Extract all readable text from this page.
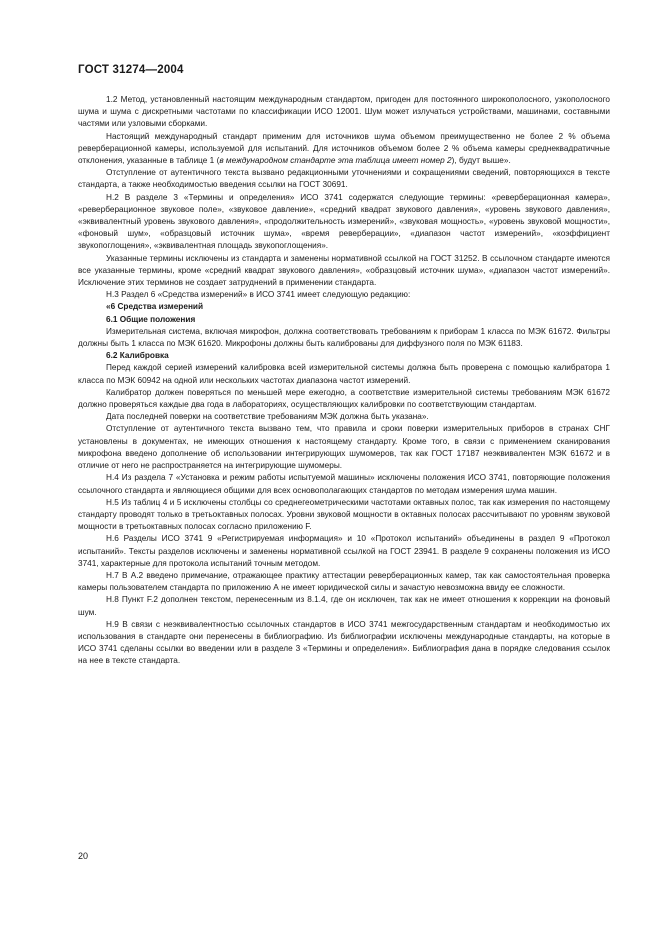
ГОСТ 31274—2004

1.2 Метод, установленный настоящим международным стандартом, пригоден для постоянного широкополосного, узкополосного шума и шума с дискретными частотами по классификации ИСО 12001. Шум может излучаться устройствами, машинами, составными частями или узловыми сборками.

Настоящий международный стандарт применим для источников шума объемом преимущественно не более 2 % объема реверберационной камеры, используемой для испытаний. Для источников объемом более 2 % объема камеры среднеквадратичные отклонения, указанные в таблице 1 (в международном стандарте эта таблица имеет номер 2), будут выше».

Отступление от аутентичного текста вызвано редакционными уточнениями и сокращениями сведений, повторяющихся в тексте стандарта, а также необходимостью введения ссылки на ГОСТ 30691.

Н.2 В разделе 3 «Термины и определения» ИСО 3741 содержатся следующие термины: «реверберационная камера», «реверберационное звуковое поле», «звуковое давление», «средний квадрат звукового давления», «уровень звукового давления», «эквивалентный уровень звукового давления», «продолжительность измерений», «звуковая мощность», «уровень звуковой мощности», «фоновый шум», «образцовый источник шума», «время реверберации», «диапазон частот измерений», «коэффициент звукопоглощения», «эквивалентная площадь звукопоглощения».

Указанные термины исключены из стандарта и заменены нормативной ссылкой на ГОСТ 31252. В ссылочном стандарте имеются все указанные термины, кроме «средний квадрат звукового давления», «образцовый источник шума», «диапазон частот измерений». Исключение этих терминов не создает затруднений в применении стандарта.

Н.3 Раздел 6 «Средства измерений» в ИСО 3741 имеет следующую редакцию:

«6 Средства измерений

6.1 Общие положения

Измерительная система, включая микрофон, должна соответствовать требованиям к приборам 1 класса по МЭК 61672. Фильтры должны быть 1 класса по МЭК 61620. Микрофоны должны быть калиброваны для диффузного поля по МЭК 61183.

6.2 Калибровка

Перед каждой серией измерений калибровка всей измерительной системы должна быть проверена с помощью калибратора 1 класса по МЭК 60942 на одной или нескольких частотах диапазона частот измерений.

Калибратор должен поверяться по меньшей мере ежегодно, а соответствие измерительной системы требованиям МЭК 61672 должно проверяться каждые два года в лабораториях, осуществляющих калибровки по соответствующим стандартам.

Дата последней поверки на соответствие требованиям МЭК должна быть указана».

Отступление от аутентичного текста вызвано тем, что правила и сроки поверки измерительных приборов в странах СНГ установлены в документах, не имеющих отношения к настоящему стандарту. Кроме того, в связи с применением сканирования микрофона введено дополнение об использовании интегрирующих шумомеров, так как ГОСТ 17187 неэквивалентен МЭК 61672 и в отличие от него не распространяется на интегрирующие шумомеры.

Н.4 Из раздела 7 «Установка и режим работы испытуемой машины» исключены положения ИСО 3741, повторяющие положения ссылочного стандарта и являющиеся общими для всех основополагающих стандартов по методам измерения шума машин.

Н.5 Из таблиц 4 и 5 исключены столбцы со среднегеометрическими частотами октавных полос, так как измерения по настоящему стандарту проводят только в третьоктавных полосах. Уровни звуковой мощности в октавных полосах рассчитывают по уровням звуковой мощности в третьоктавных полосах согласно приложению F.

Н.6 Разделы ИСО 3741 9 «Регистрируемая информация» и 10 «Протокол испытаний» объединены в раздел 9 «Протокол испытаний». Тексты разделов исключены и заменены нормативной ссылкой на ГОСТ 23941. В разделе 9 сохранены положения из ИСО 3741, характерные для протокола испытаний точным методом.

Н.7 В А.2 введено примечание, отражающее практику аттестации реверберационных камер, так как самостоятельная проверка камеры пользователем стандарта по приложению А не имеет юридической силы и зачастую невозможна ввиду ее сложности.

Н.8 Пункт F.2 дополнен текстом, перенесенным из 8.1.4, где он исключен, так как не имеет отношения к коррекции на фоновый шум.

Н.9 В связи с неэквивалентностью ссылочных стандартов в ИСО 3741 межгосударственным стандартам и необходимостью их использования в стандарте они перенесены в библиографию. Из библиографии исключены международные стандарты, на которые в ИСО 3741 сделаны ссылки во введении или в разделе 3 «Термины и определения». Библиография дана в порядке следования ссылок на нее в тексте стандарта.

20
